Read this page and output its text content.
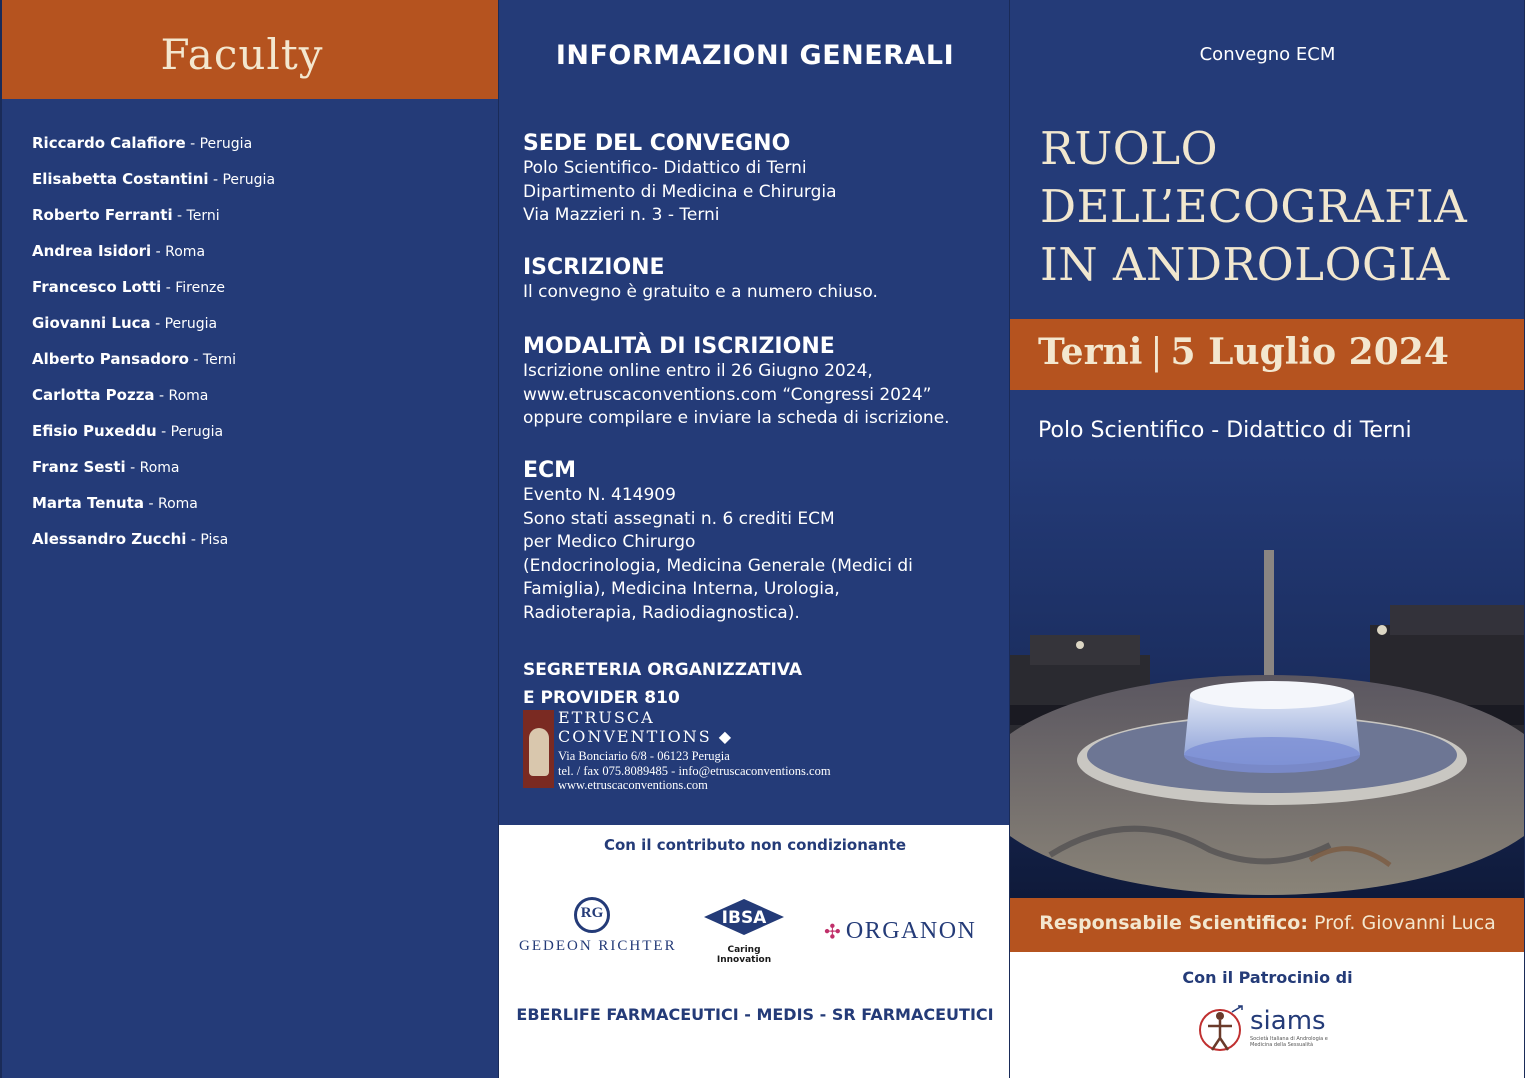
Faculty
Riccardo Calafiore - Perugia
Elisabetta Costantini - Perugia
Roberto Ferranti - Terni
Andrea Isidori - Roma
Francesco Lotti - Firenze
Giovanni Luca - Perugia
Alberto Pansadoro - Terni
Carlotta Pozza - Roma
Efisio Puxeddu - Perugia
Franz Sesti - Roma
Marta Tenuta - Roma
Alessandro Zucchi - Pisa
INFORMAZIONI GENERALI
SEDE DEL CONVEGNO

Polo Scientifico- Didattico di Terni

Dipartimento di Medicina e Chirurgia

Via Mazzieri n. 3 - Terni

ISCRIZIONE

Il convegno è gratuito e a numero chiuso.

MODALITÀ DI ISCRIZIONE

Iscrizione online entro il 26 Giugno 2024,

www.etruscaconventions.com “Congressi 2024”

oppure compilare e inviare la scheda di iscrizione.

ECM

Evento N. 414909

Sono stati assegnati n. 6 crediti ECM

per Medico Chirurgo

(Endocrinologia, Medicina Generale (Medici di

Famiglia), Medicina Interna, Urologia,

Radioterapia, Radiodiagnostica).

SEGRETERIA ORGANIZZATIVA
E PROVIDER 810
ETRUSCA
CONVENTIONS ◆
Via Bonciario 6/8 - 06123 Perugia
tel. / fax 075.8089485 - info@etruscaconventions.com
www.etruscaconventions.com
Con il contributo non condizionante
RG
GEDEON RICHTER
IBSA
Caring Innovation
✣ ORGANON
EBERLIFE FARMACEUTICI - MEDIS - SR FARMACEUTICI
Convegno ECM
RUOLO
DELL’ECOGRAFIA
IN ANDROLOGIA
Terni | 5 Luglio 2024
Polo Scientifico - Didattico di Terni
Responsabile Scientifico: Prof. Giovanni Luca
Con il Patrocinio di
siams
Società Italiana di Andrologia e Medicina della Sessualità
